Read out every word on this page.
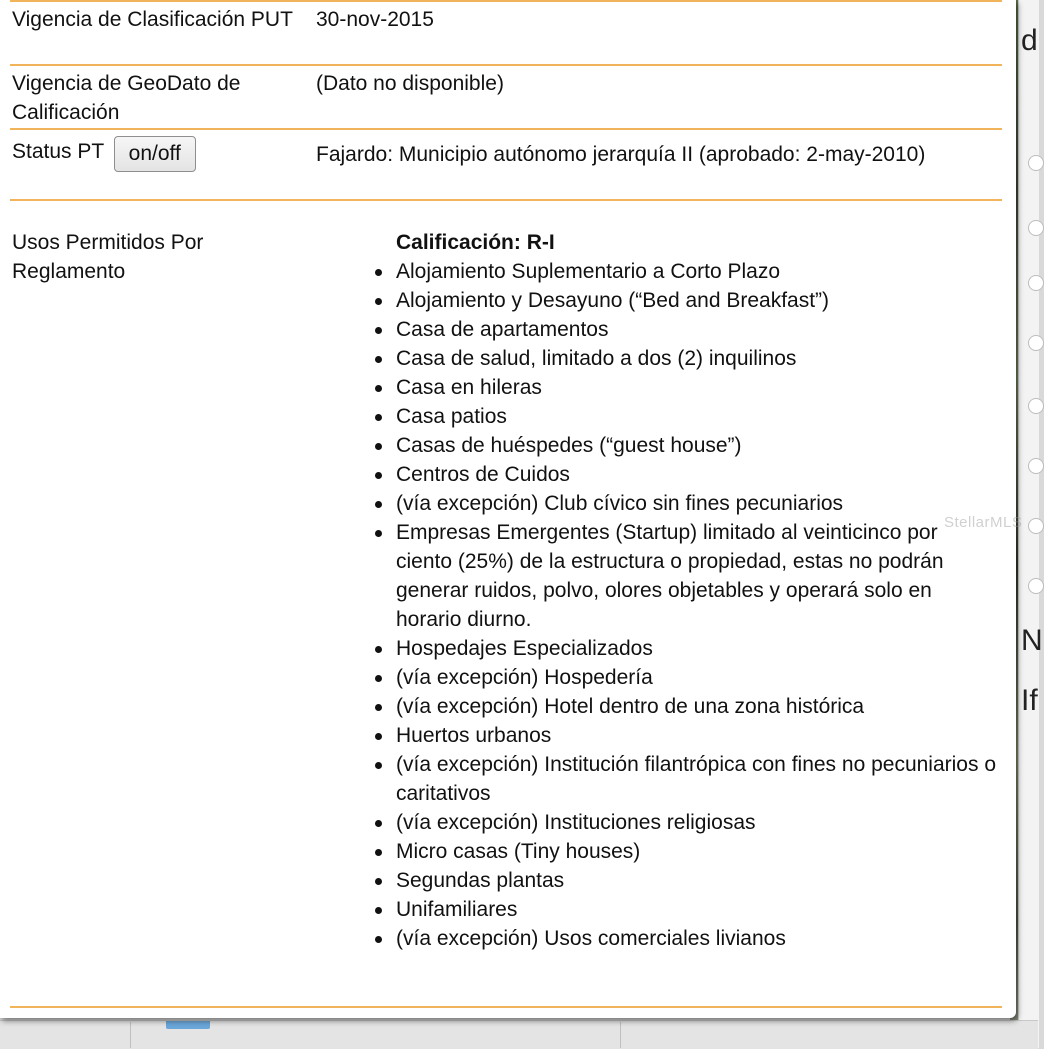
d
N
If
Vigencia de Clasificación PUT	30-nov-2015
Vigencia de GeoDato de Calificación
(Dato no disponible)
Status PT on/off	Fajardo: Municipio autónomo jerarquía II (aprobado: 2-may-2010)
Usos Permitidos Por Reglamento
Calificación: R-I
Alojamiento Suplementario a Corto Plazo
Alojamiento y Desayuno (“Bed and Breakfast”)
Casa de apartamentos
Casa de salud, limitado a dos (2) inquilinos
Casa en hileras
Casa patios
Casas de huéspedes (“guest house”)
Centros de Cuidos
(vía excepción) Club cívico sin fines pecuniarios
Empresas Emergentes (Startup) limitado al veinticinco por ciento (25%) de la estructura o propiedad, estas no podrán generar ruidos, polvo, olores objetables y operará solo en horario diurno.
Hospedajes Especializados
(vía excepción) Hospedería
(vía excepción) Hotel dentro de una zona histórica
Huertos urbanos
(vía excepción) Institución filantrópica con fines no pecuniarios o caritativos
(vía excepción) Instituciones religiosas
Micro casas (Tiny houses)
Segundas plantas
Unifamiliares
(vía excepción) Usos comerciales livianos
StellarMLS
